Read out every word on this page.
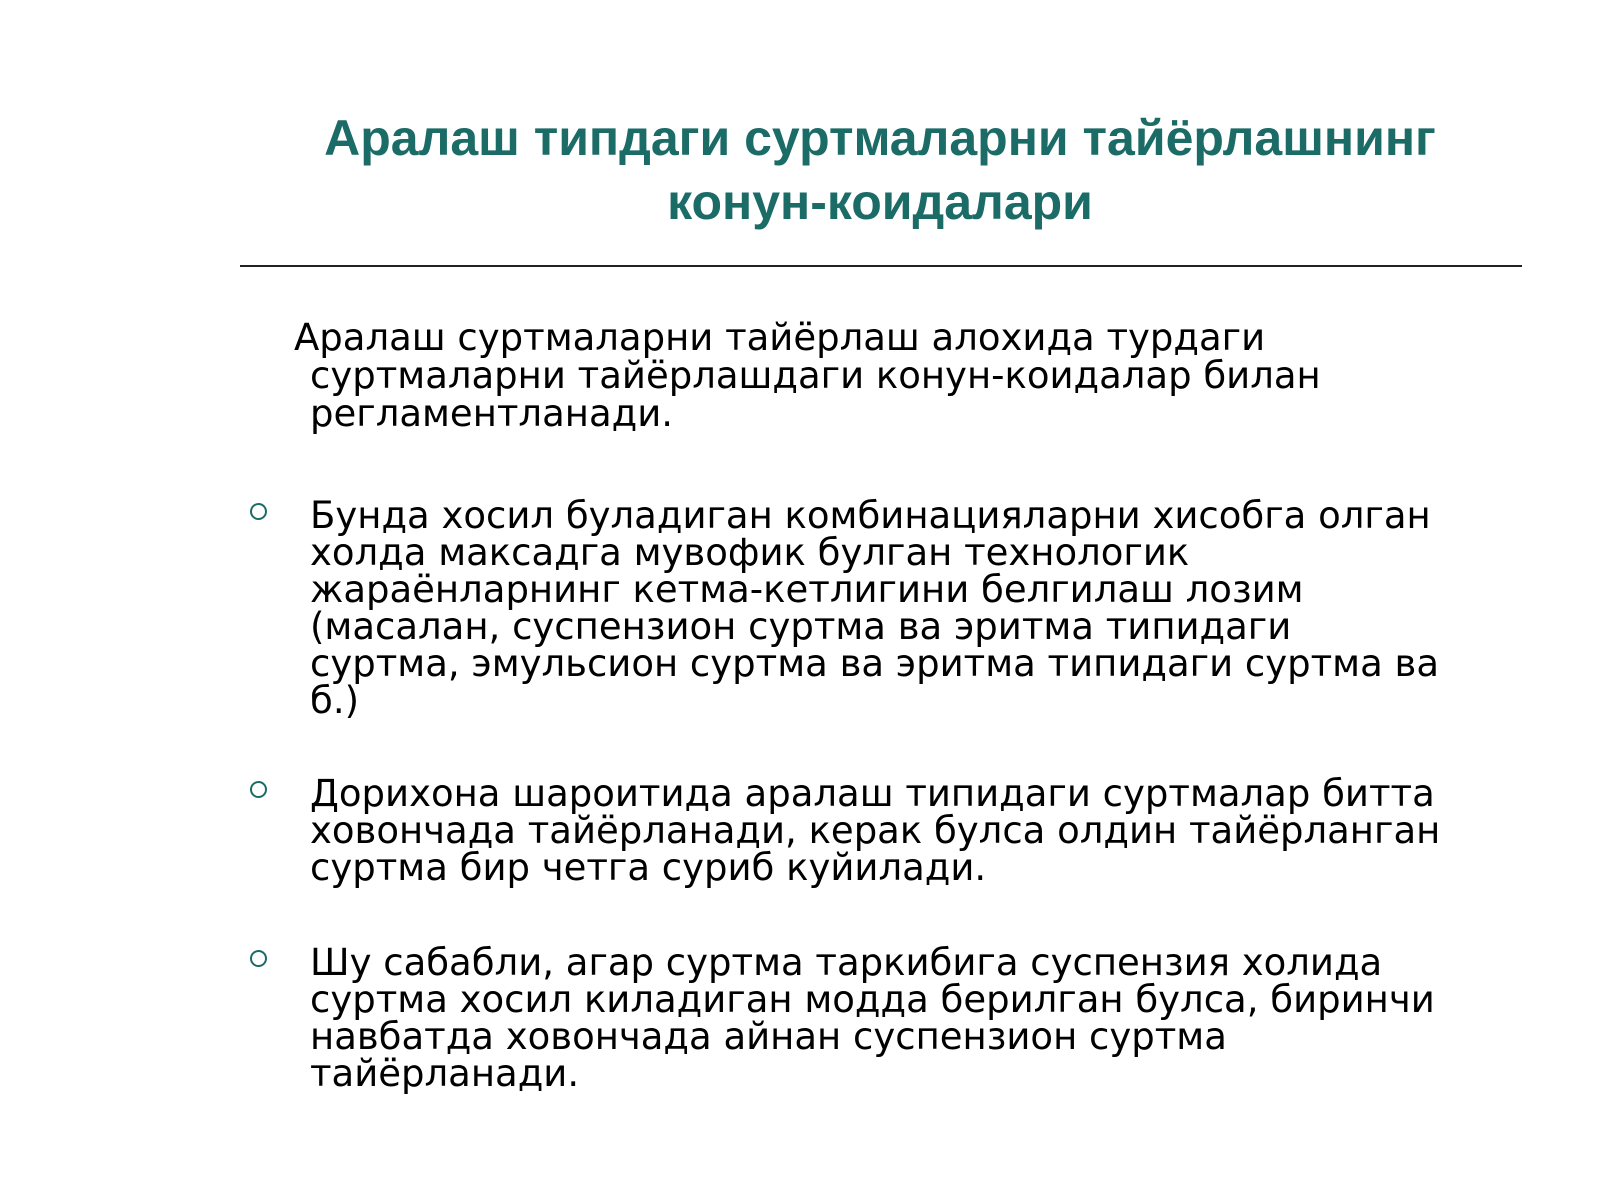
Аралаш типдаги суртмаларни тайёрлашнинг
конун-коидалари

Аралаш суртмаларни тайёрлаш алохида турдаги
суртмаларни тайёрлашдаги конун-коидалар билан
регламентланади.

Бунда хосил буладиган комбинацияларни хисобга олган
холда максадга мувофик булган технологик
жараёнларнинг кетма-кетлигини белгилаш лозим
(масалан, суспензион суртма ва эритма типидаги
суртма, эмульсион суртма ва эритма типидаги суртма ва
б.)

Дорихона шароитида аралаш типидаги суртмалар битта
ховончада тайёрланади, керак булса олдин тайёрланган
суртма бир четга суриб куйилади.

Шу сабабли, агар суртма таркибига суспензия холида
суртма хосил киладиган модда берилган булса, биринчи
навбатда ховончада айнан суспензион суртма
тайёрланади.
